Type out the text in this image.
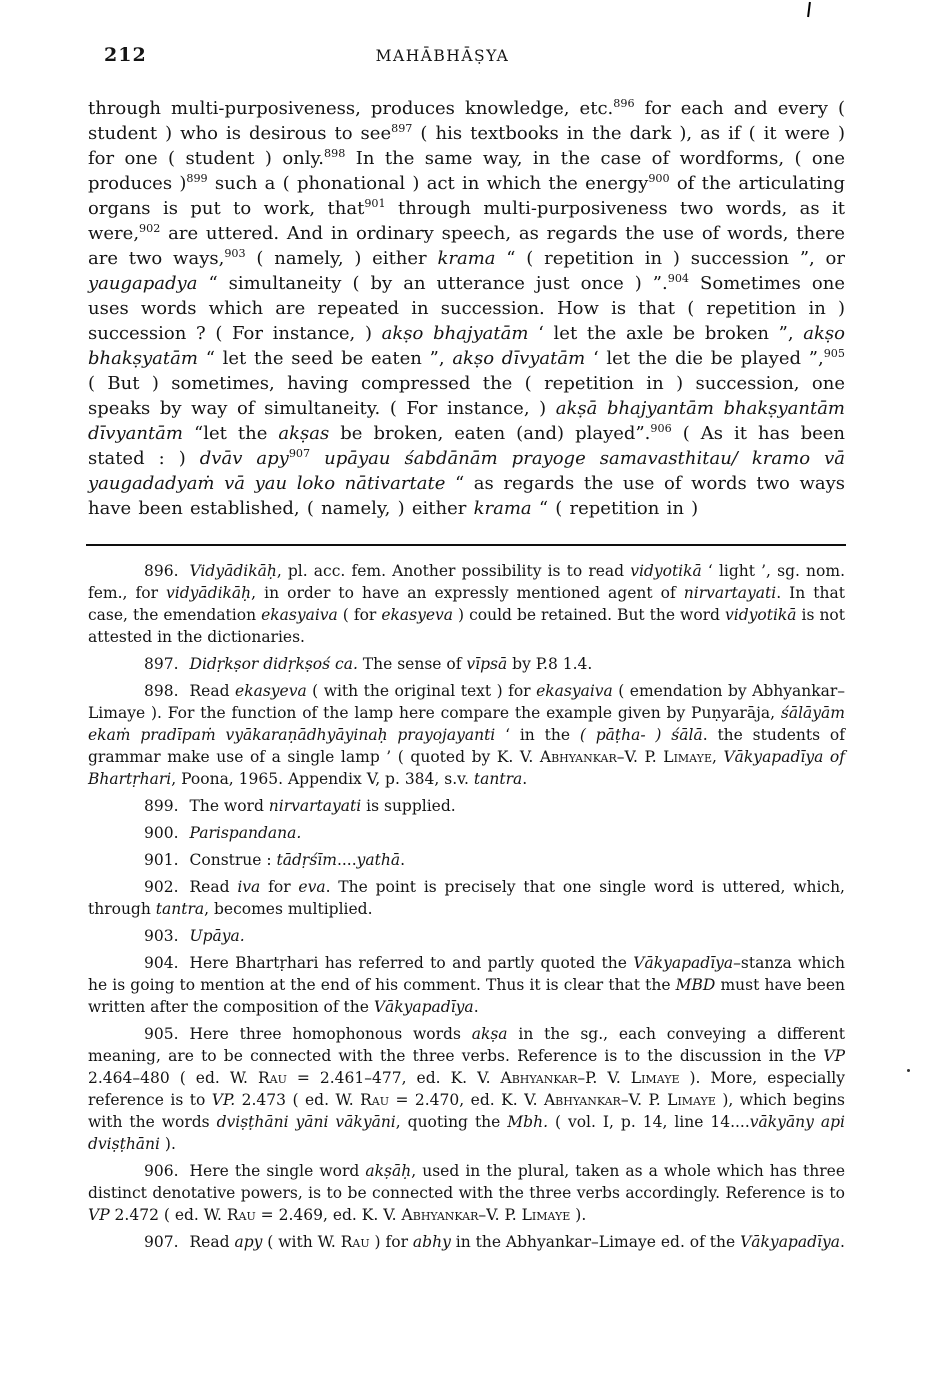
212	MAHĀBHĀṢYA
through multi-purposiveness, produces knowledge, etc.$^{896}$ for each and every ( student ) who is desirous to see$^{897}$ ( his textbooks in the dark ), as if ( it were ) for one ( student ) only.$^{898}$ In the same way, in the case of wordforms, ( one produces )$^{899}$ such a ( phonational ) act in which the energy$^{900}$ of the articulating organs is put to work, that$^{901}$ through multi-purposiveness two words, as it were,$^{902}$ are uttered. And in ordinary speech, as regards the use of words, there are two ways,$^{903}$ ( namely, ) either krama “ ( repetition in ) succession ”, or yaugapadya “ simultaneity ( by an utterance just once ) ”.$^{904}$ Sometimes one uses words which are repeated in succession. How is that ( repetition in ) succession ? ( For instance, ) akṣo bhajyatām ‘ let the axle be broken ”, akṣo bhakṣyatām “ let the seed be eaten ”, akṣo dīvyatām ‘ let the die be played ”,$^{905}$ ( But ) sometimes, having compressed the ( repetition in ) succession, one speaks by way of simultaneity. ( For instance, ) akṣā bhajyantām bhakṣyantām dīvyantām “let the akṣas be broken, eaten (and) played”.$^{906}$ ( As it has been stated : ) dvāv apy$^{907}$ upāyau śabdānām prayoge samavasthitau/ kramo vā yaugadadyaṁ vā yau loko nātivartate “ as regards the use of words two ways have been established, ( namely, ) either krama “ ( repetition in )

896. Vidyādikāḥ, pl. acc. fem. Another possibility is to read vidyotikā ‘ light ’, sg. nom. fem., for vidyādikāḥ, in order to have an expressly mentioned agent of nirvartayati. In that case, the emendation ekasyaiva ( for ekasyeva ) could be retained. But the word vidyotikā is not attested in the dictionaries.

897. Didṛkṣor didṛkṣoś ca. The sense of vīpsā by P.8 1.4.

898. Read ekasyeva ( with the original text ) for ekasyaiva ( emendation by Abhyankar–Limaye ). For the function of the lamp here compare the example given by Puṇyarāja, śālāyām ekaṁ pradīpaṁ vyākaraṇādhyāyinaḥ prayojayanti ‘ in the ( pāṭha- ) śālā. the students of grammar make use of a single lamp ’ ( quoted by K. V. Abhyankar–V. P. Limaye, Vākyapadīya of Bhartṛhari, Poona, 1965. Appendix V, p. 384, s.v. tantra.

899. The word nirvartayati is supplied.

900. Parispandana.

901. Construe : tādṛśīm....yathā.

902. Read iva for eva. The point is precisely that one single word is uttered, which, through tantra, becomes multiplied.

903. Upāya.

904. Here Bhartṛhari has referred to and partly quoted the Vākyapadīya–stanza which he is going to mention at the end of his comment. Thus it is clear that the MBD must have been written after the composition of the Vākyapadīya.

905. Here three homophonous words akṣa in the sg., each conveying a different meaning, are to be connected with the three verbs. Reference is to the discussion in the VP 2.464–480 ( ed. W. Rau = 2.461–477, ed. K. V. Abhyankar–P. V. Limaye ). More, especially reference is to VP. 2.473 ( ed. W. Rau = 2.470, ed. K. V. Abhyankar–V. P. Limaye ), which begins with the words dviṣṭhāni yāni vākyāni, quoting the Mbh. ( vol. I, p. 14, line 14....vākyāny api dviṣṭhāni ).

906. Here the single word akṣāḥ, used in the plural, taken as a whole which has three distinct denotative powers, is to be connected with the three verbs accordingly. Reference is to VP 2.472 ( ed. W. Rau = 2.469, ed. K. V. Abhyankar–V. P. Limaye ).

907. Read apy ( with W. Rau ) for abhy in the Abhyankar–Limaye ed. of the Vākyapadīya.
